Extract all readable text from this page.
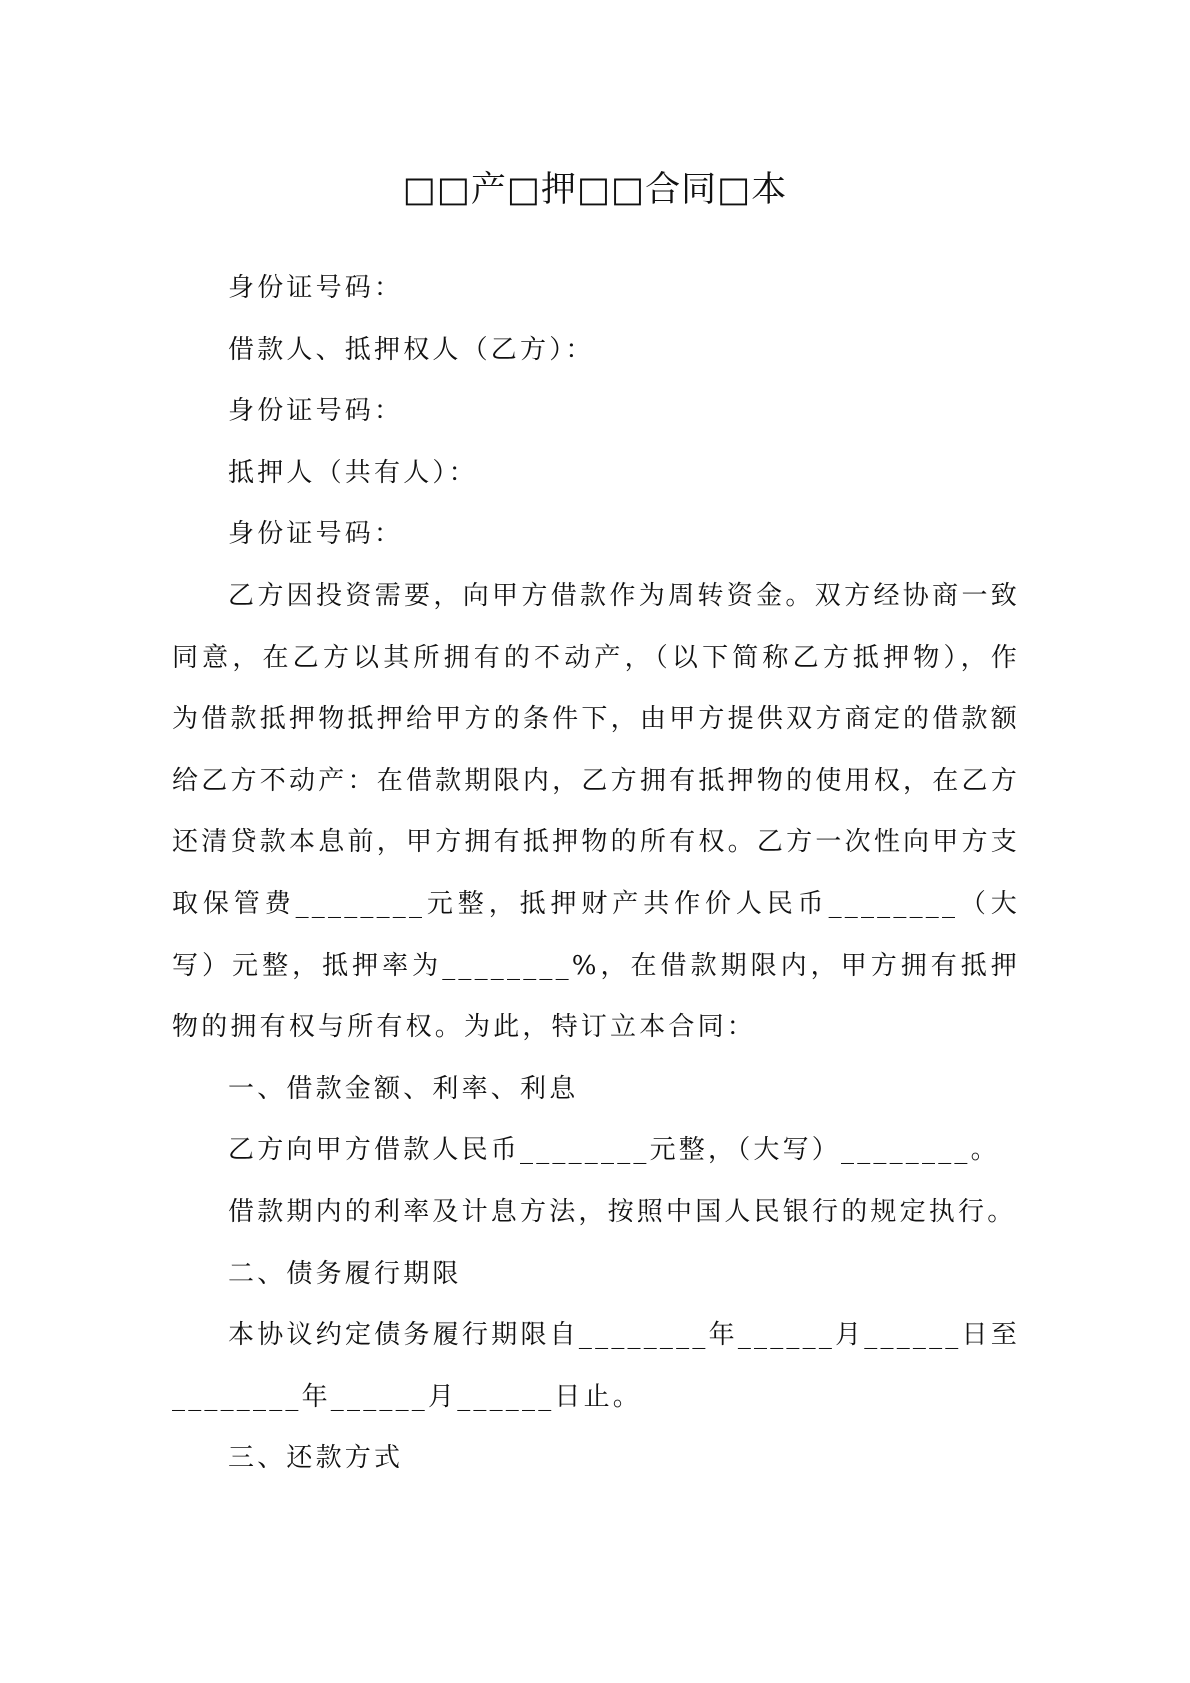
□□产□押□□合同□本

身份证号码：

借款人、抵押权人（乙方）：

身份证号码：

抵押人（共有人）：

身份证号码：

乙方因投资需要，向甲方借款作为周转资金。双方经协商一致同意，在乙方以其所拥有的不动产，（以下简称乙方抵押物），作为借款抵押物抵押给甲方的条件下，由甲方提供双方商定的借款额给乙方不动产：在借款期限内，乙方拥有抵押物的使用权，在乙方还清贷款本息前，甲方拥有抵押物的所有权。乙方一次性向甲方支取保管费________元整，抵押财产共作价人民币________（大写）元整，抵押率为________%，在借款期限内，甲方拥有抵押物的拥有权与所有权。为此，特订立本合同：

一、借款金额、利率、利息

乙方向甲方借款人民币________元整，（大写）________。

借款期内的利率及计息方法，按照中国人民银行的规定执行。

二、债务履行期限

本协议约定债务履行期限自________年______月______日至________年______月______日止。

三、还款方式
